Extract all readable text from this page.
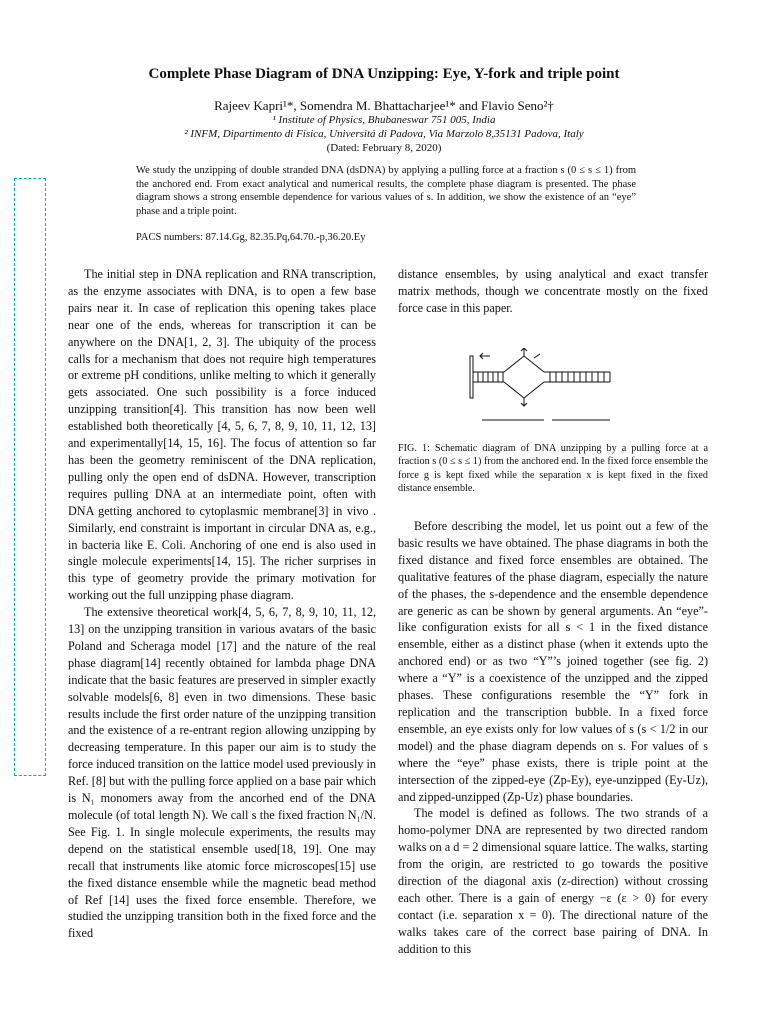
Complete Phase Diagram of DNA Unzipping: Eye, Y-fork and triple point
Rajeev Kapri¹*, Somendra M. Bhattacharjee¹* and Flavio Seno²†
¹ Institute of Physics, Bhubaneswar 751 005, India
² INFM, Dipartimento di Fisica, Universitá di Padova, Via Marzolo 8,35131 Padova, Italy
(Dated: February 8, 2020)
We study the unzipping of double stranded DNA (dsDNA) by applying a pulling force at a fraction s (0 ≤ s ≤ 1) from the anchored end. From exact analytical and numerical results, the complete phase diagram is presented. The phase diagram shows a strong ensemble dependence for various values of s. In addition, we show the existence of an “eye” phase and a triple point.
PACS numbers: 87.14.Gg, 82.35.Pq,64.70.-p,36.20.Ey

The initial step in DNA replication and RNA transcription, as the enzyme associates with DNA, is to open a few base pairs near it. In case of replication this opening takes place near one of the ends, whereas for transcription it can be anywhere on the DNA[1, 2, 3]. The ubiquity of the process calls for a mechanism that does not require high temperatures or extreme pH conditions, unlike melting to which it generally gets associated. One such possibility is a force induced unzipping transition[4]. This transition has now been well established both theoretically [4, 5, 6, 7, 8, 9, 10, 11, 12, 13] and experimentally[14, 15, 16]. The focus of attention so far has been the geometry reminiscent of the DNA replication, pulling only the open end of dsDNA. However, transcription requires pulling DNA at an intermediate point, often with DNA getting anchored to cytoplasmic membrane[3] in vivo . Similarly, end constraint is important in circular DNA as, e.g., in bacteria like E. Coli. Anchoring of one end is also used in single molecule experiments[14, 15]. The richer surprises in this type of geometry provide the primary motivation for working out the full unzipping phase diagram.

The extensive theoretical work[4, 5, 6, 7, 8, 9, 10, 11, 12, 13] on the unzipping transition in various avatars of the basic Poland and Scheraga model [17] and the nature of the real phase diagram[14] recently obtained for lambda phage DNA indicate that the basic features are preserved in simpler exactly solvable models[6, 8] even in two dimensions. These basic results include the first order nature of the unzipping transition and the existence of a re-entrant region allowing unzipping by decreasing temperature. In this paper our aim is to study the force induced transition on the lattice model used previously in Ref. [8] but with the pulling force applied on a base pair which is N₁ monomers away from the ancorhed end of the DNA molecule (of total length N). We call s the fixed fraction N₁/N. See Fig. 1. In single molecule experiments, the results may depend on the statistical ensemble used[18, 19]. One may recall that instruments like atomic force microscopes[15] use the fixed distance ensemble while the magnetic bead method of Ref [14] uses the fixed force ensemble. Therefore, we studied the unzipping transition both in the fixed force and the fixed

distance ensembles, by using analytical and exact transfer matrix methods, though we concentrate mostly on the fixed force case in this paper.

FIG. 1: Schematic diagram of DNA unzipping by a pulling force at a fraction s (0 ≤ s ≤ 1) from the anchored end. In the fixed force ensemble the force g is kept fixed while the separation x is kept fixed in the fixed distance ensemble.

Before describing the model, let us point out a few of the basic results we have obtained. The phase diagrams in both the fixed distance and fixed force ensembles are obtained. The qualitative features of the phase diagram, especially the nature of the phases, the s-dependence and the ensemble dependence are generic as can be shown by general arguments. An “eye”-like configuration exists for all s < 1 in the fixed distance ensemble, either as a distinct phase (when it extends upto the anchored end) or as two “Y”’s joined together (see fig. 2) where a “Y” is a coexistence of the unzipped and the zipped phases. These configurations resemble the “Y” fork in replication and the transcription bubble. In a fixed force ensemble, an eye exists only for low values of s (s < 1/2 in our model) and the phase diagram depends on s. For values of s where the “eye” phase exists, there is triple point at the intersection of the zipped-eye (Zp-Ey), eye-unzipped (Ey-Uz), and zipped-unzipped (Zp-Uz) phase boundaries.

The model is defined as follows. The two strands of a homo-polymer DNA are represented by two directed random walks on a d = 2 dimensional square lattice. The walks, starting from the origin, are restricted to go towards the positive direction of the diagonal axis (z-direction) without crossing each other. There is a gain of energy −ε (ε > 0) for every contact (i.e. separation x = 0). The directional nature of the walks takes care of the correct base pairing of DNA. In addition to this
